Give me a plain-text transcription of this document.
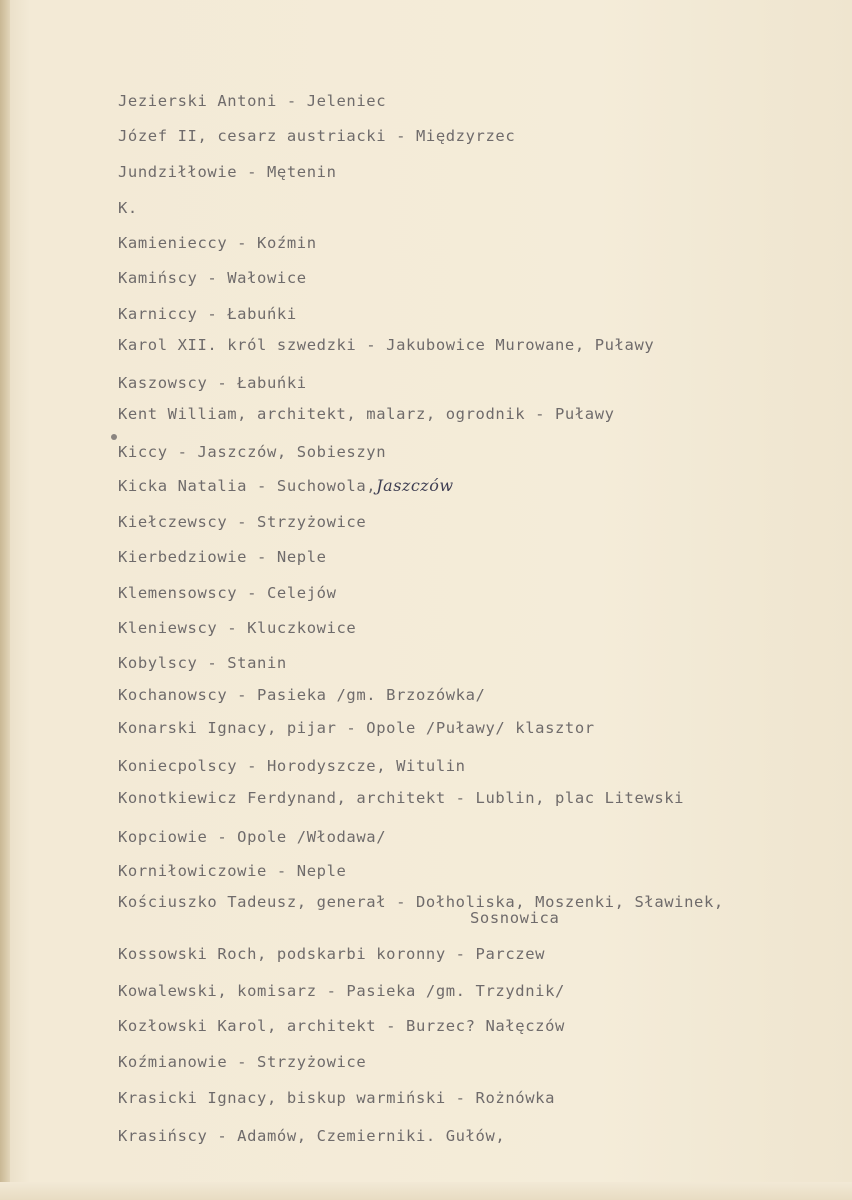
Jezierski Antoni - Jeleniec
Józef II, cesarz austriacki - Międzyrzec
Jundziłłowie - Mętenin
K.
Kamienieccy - Koźmin
Kamińscy - Wałowice
Karniccy - Łabuńki
Karol XII. król szwedzki - Jakubowice Murowane, Puławy
Kaszowscy - Łabuńki
Kent William, architekt, malarz, ogrodnik - Puławy
Kiccy - Jaszczów, Sobieszyn
Kicka Natalia - Suchowola,Jaszczów
Kiełczewscy - Strzyżowice
Kierbedziowie - Neple
Klemensowscy - Celejów
Kleniewscy - Kluczkowice
Kobylscy - Stanin
Kochanowscy - Pasieka /gm. Brzozówka/
Konarski Ignacy, pijar - Opole /Puławy/ klasztor
Koniecpolscy - Horodyszcze, Witulin
Konotkiewicz Ferdynand, architekt - Lublin, plac Litewski
Kopciowie - Opole /Włodawa/
Korniłowiczowie - Neple
Kościuszko Tadeusz, generał - Dołholiska, Moszenki, Sławinek,
Sosnowica
Kossowski Roch, podskarbi koronny - Parczew
Kowalewski, komisarz - Pasieka /gm. Trzydnik/
Kozłowski Karol, architekt - Burzec? Nałęczów
Koźmianowie - Strzyżowice
Krasicki Ignacy, biskup warmiński - Rożnówka
Krasińscy - Adamów, Czemierniki. Gułów,
